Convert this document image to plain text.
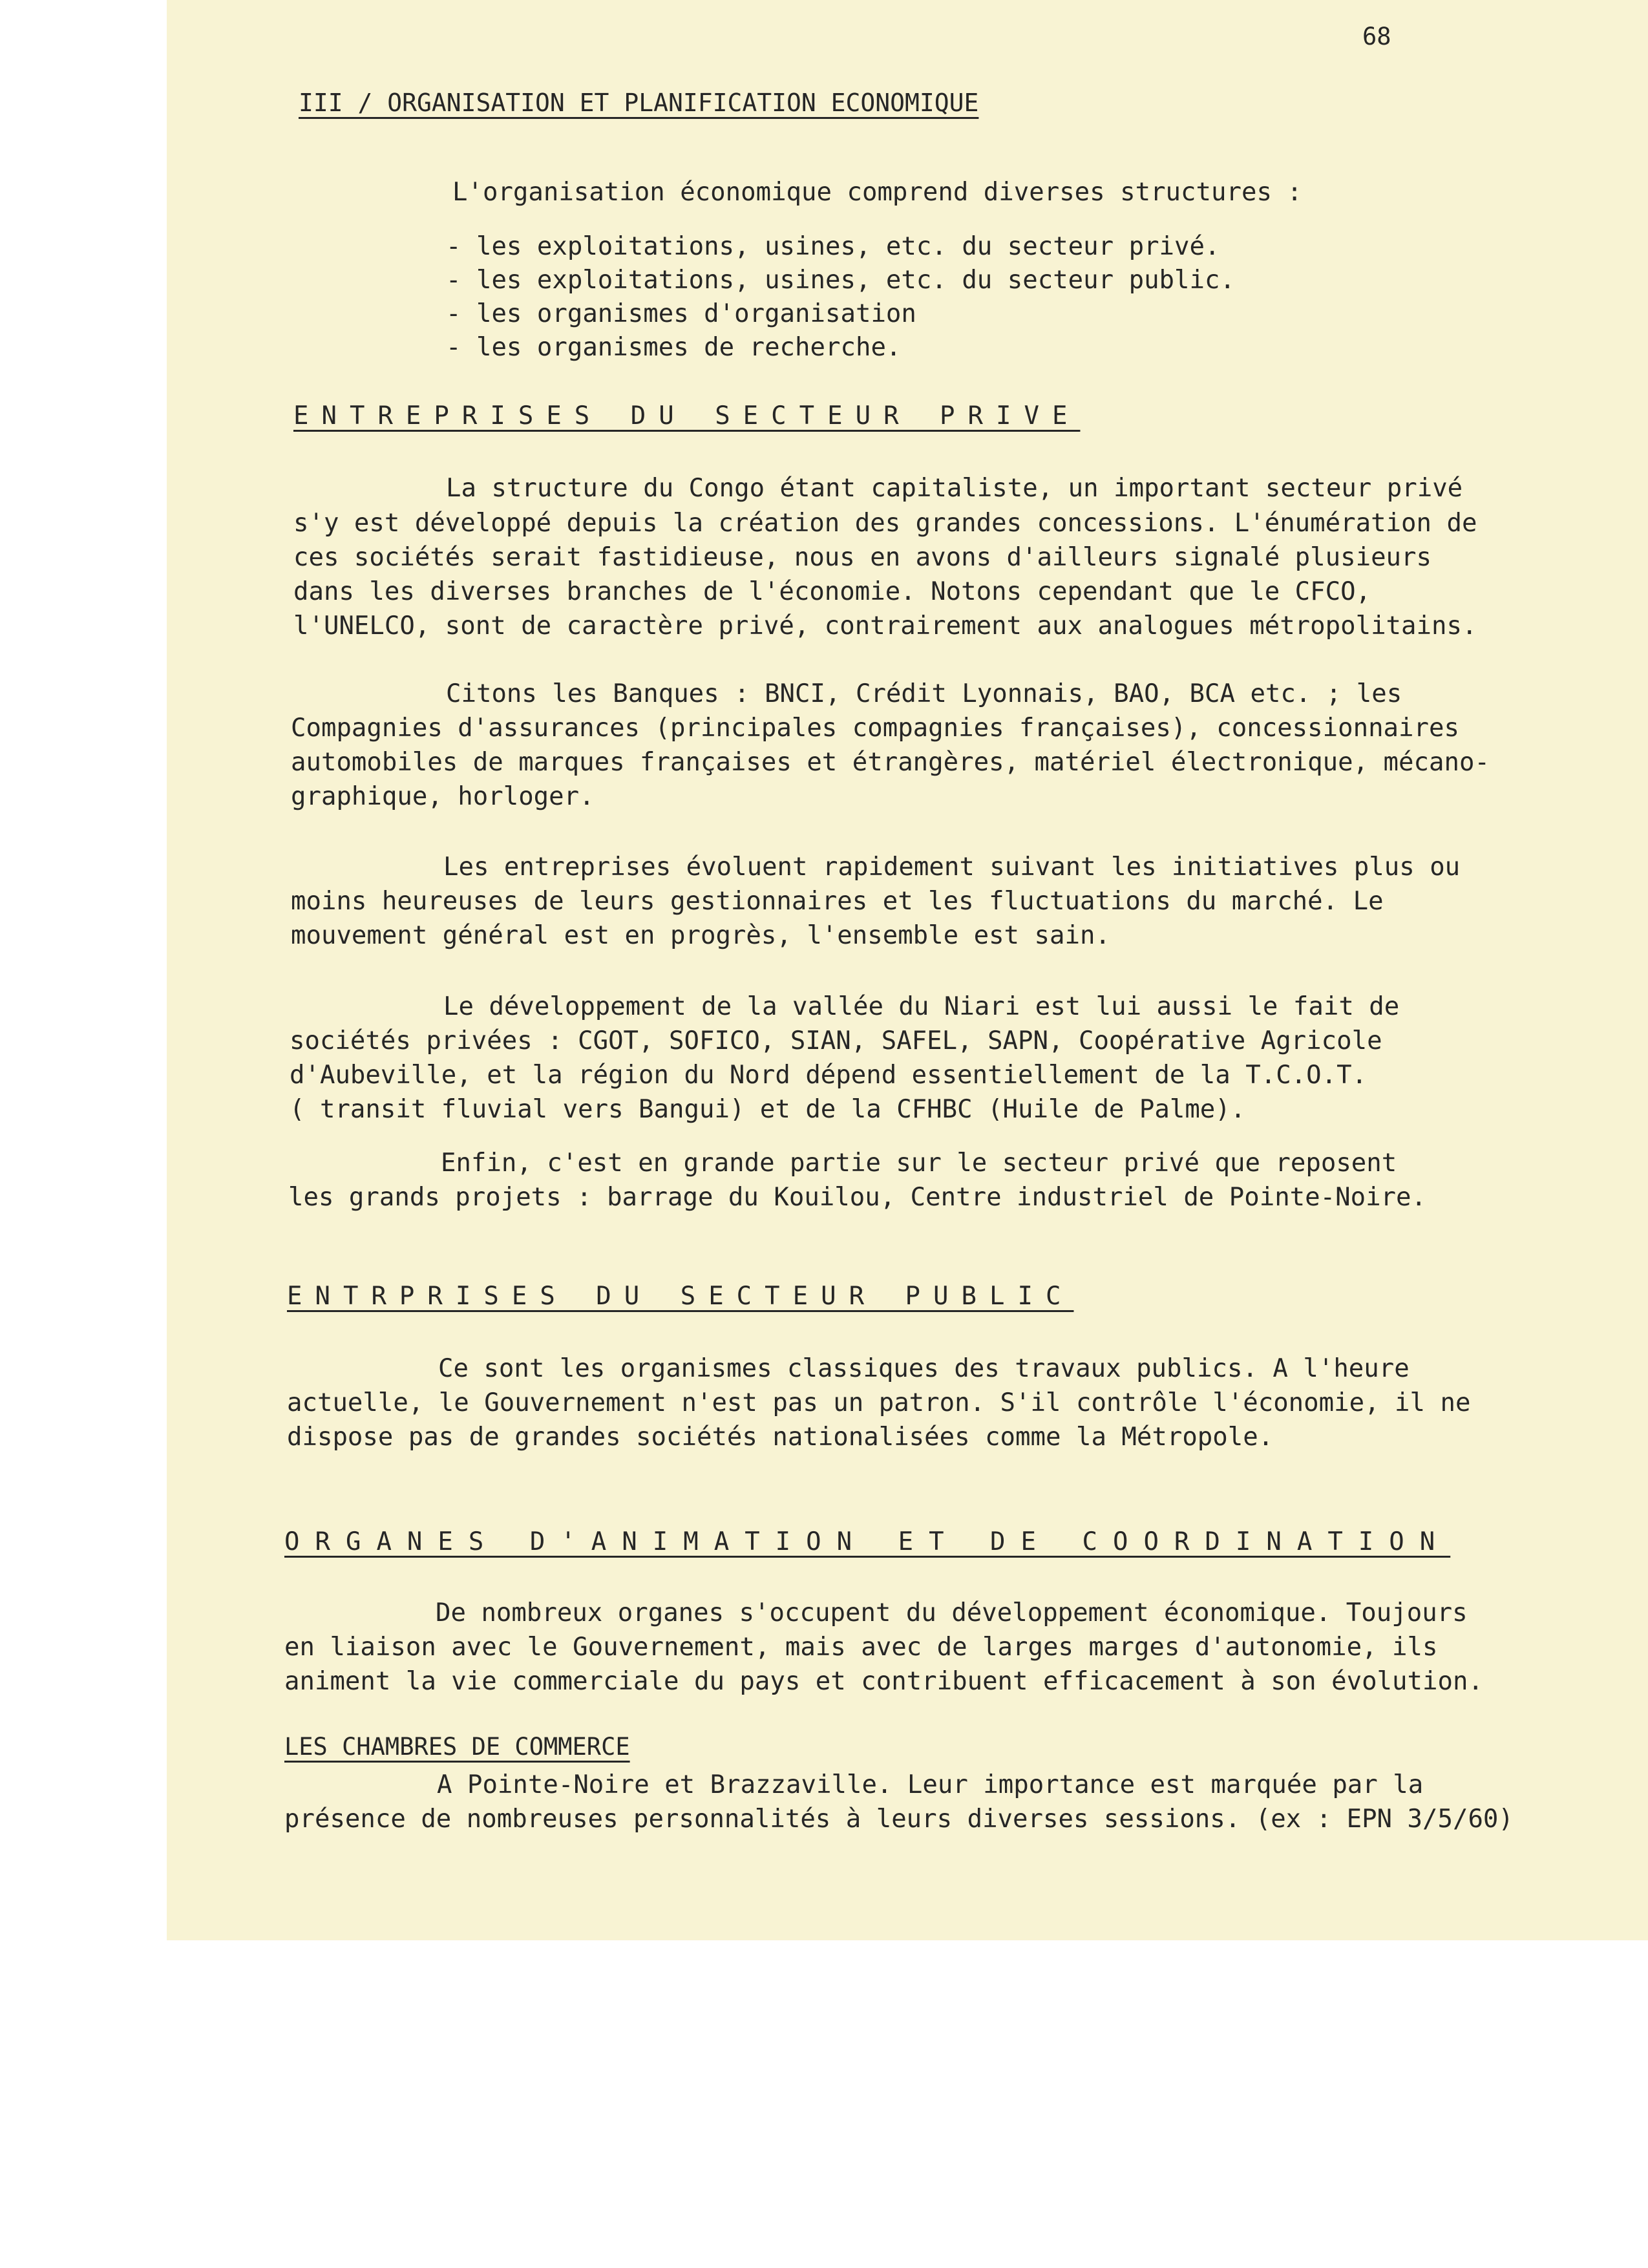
68
III / ORGANISATION ET PLANIFICATION ECONOMIQUE
L'organisation économique comprend diverses structures :
- les exploitations, usines, etc. du secteur privé.
- les exploitations, usines, etc. du secteur public.
- les organismes d'organisation
- les organismes de recherche.
ENTREPRISES DU SECTEUR PRIVE
La structure du Congo étant capitaliste, un important secteur privé
s'y est développé depuis la création des grandes concessions. L'énumération de
ces sociétés serait fastidieuse, nous en avons d'ailleurs signalé plusieurs
dans les diverses branches de l'économie. Notons cependant que le CFCO,
l'UNELCO, sont de caractère privé, contrairement aux analogues métropolitains.
Citons les Banques : BNCI, Crédit Lyonnais, BAO, BCA etc. ; les
Compagnies d'assurances (principales compagnies françaises), concessionnaires
automobiles de marques françaises et étrangères, matériel électronique, mécano-
graphique, horloger.
Les entreprises évoluent rapidement suivant les initiatives plus ou
moins heureuses de leurs gestionnaires et les fluctuations du marché. Le
mouvement général est en progrès, l'ensemble est sain.
Le développement de la vallée du Niari est lui aussi le fait de
sociétés privées : CGOT, SOFICO, SIAN, SAFEL, SAPN, Coopérative Agricole
d'Aubeville, et la région du Nord dépend essentiellement de la T.C.O.T.
( transit fluvial vers Bangui) et de la CFHBC (Huile de Palme).
Enfin, c'est en grande partie sur le secteur privé que reposent
les grands projets : barrage du Kouilou, Centre industriel de Pointe-Noire.
ENTRPRISES DU SECTEUR PUBLIC
Ce sont les organismes classiques des travaux publics. A l'heure
actuelle, le Gouvernement n'est pas un patron. S'il contrôle l'économie, il ne
dispose pas de grandes sociétés nationalisées comme la Métropole.
ORGANES D'ANIMATION ET DE COORDINATION
De nombreux organes s'occupent du développement économique. Toujours
en liaison avec le Gouvernement, mais avec de larges marges d'autonomie, ils
animent la vie commerciale du pays et contribuent efficacement à son évolution.
LES CHAMBRES DE COMMERCE
A Pointe-Noire et Brazzaville. Leur importance est marquée par la
présence de nombreuses personnalités à leurs diverses sessions. (ex : EPN 3/5/60)
